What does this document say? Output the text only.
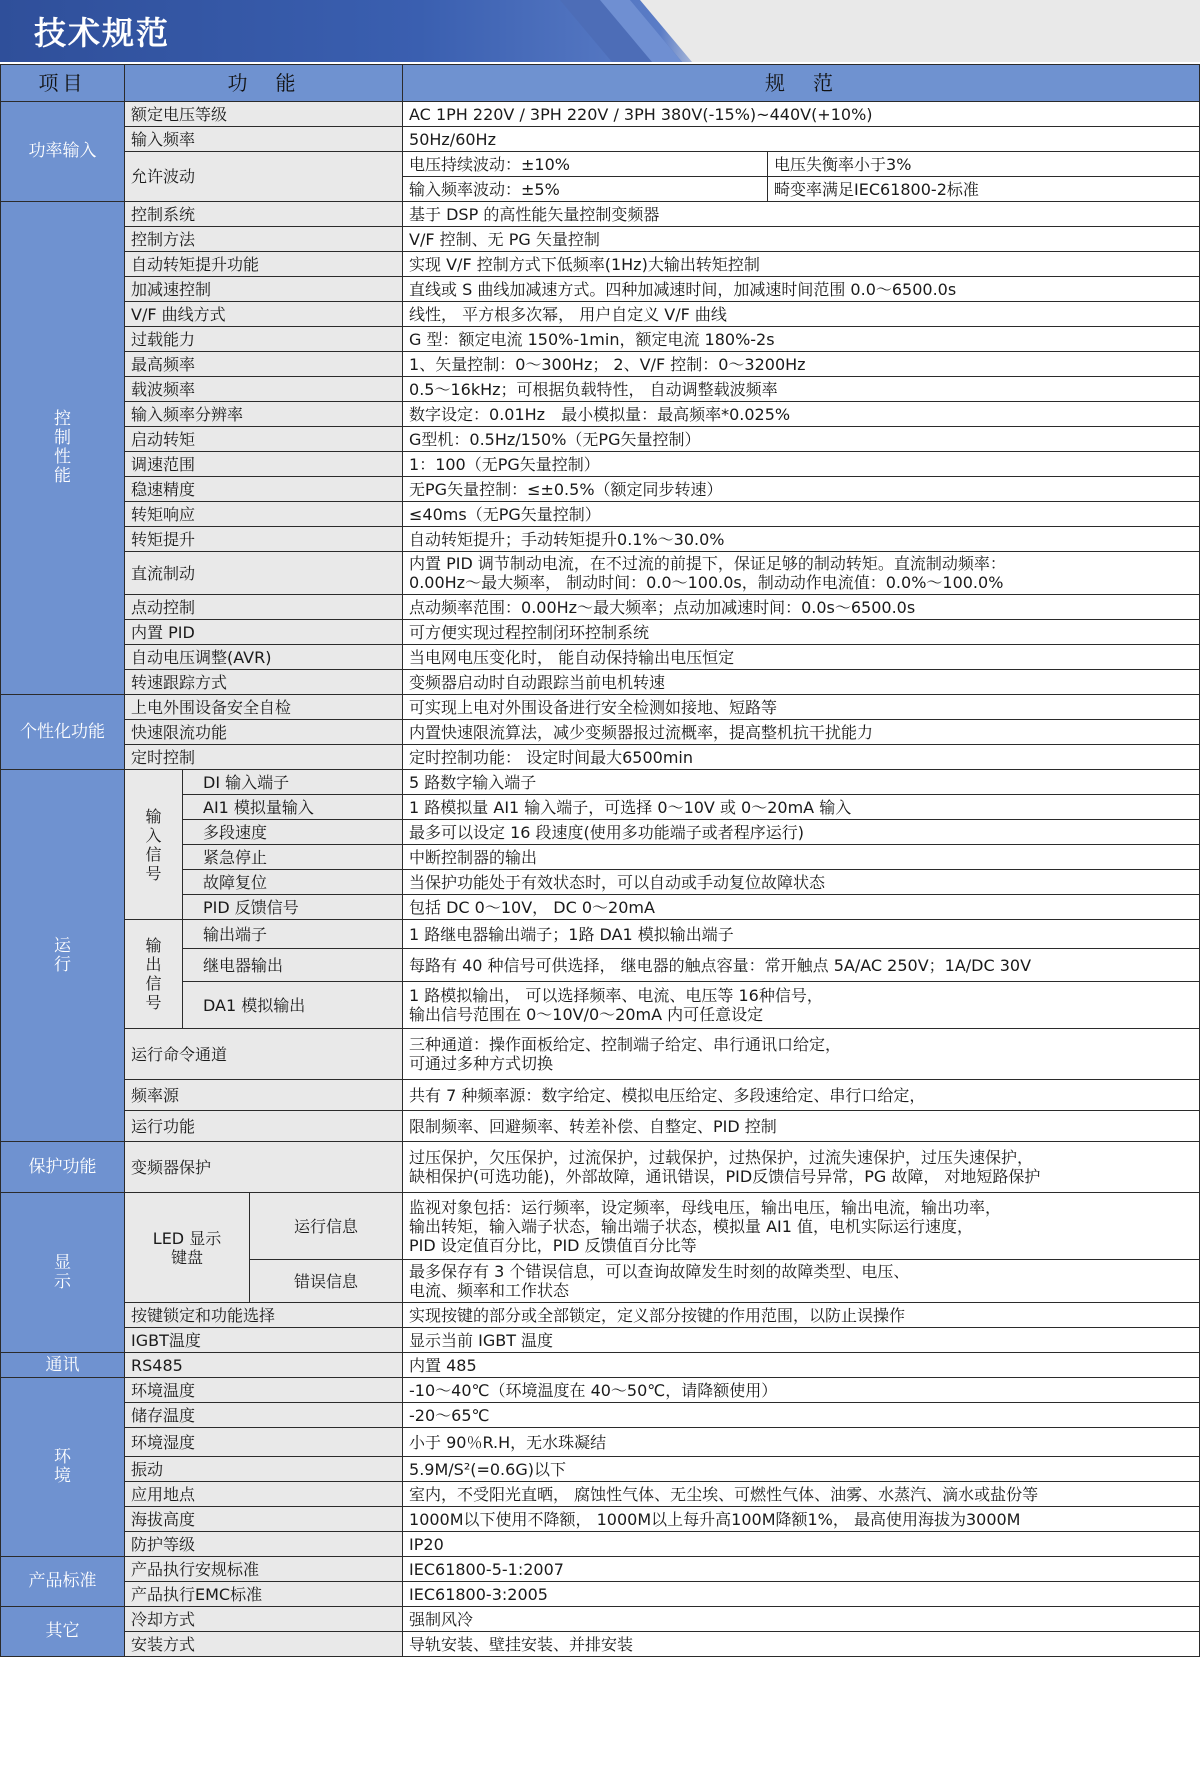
技术规范
项目	功　能			规　范	
功率输入	额定电压等级			AC 1PH 220V / 3PH 220V / 3PH 380V(-15%)~440V(+10%)	
	输入频率			50Hz/60Hz	
	允许波动			电压持续波动：±10%	电压失衡率小于3%
				输入频率波动：±5%	畸变率满足IEC61800-2标准
控
制
性
能	控制系统			基于 DSP 的高性能矢量控制变频器	
	控制方法			V/F 控制、无 PG 矢量控制	
	自动转矩提升功能			实现 V/F 控制方式下低频率(1Hz)大输出转矩控制	
	加减速控制			直线或 S 曲线加减速方式。四种加减速时间，加减速时间范围 0.0～6500.0s	
	V/F 曲线方式			线性， 平方根多次幂， 用户自定义 V/F 曲线	
	过载能力			G 型：额定电流 150%-1min，额定电流 180%-2s	
	最高频率			1、矢量控制：0～300Hz； 2、V/F 控制：0～3200Hz	
	载波频率			0.5～16kHz；可根据负载特性， 自动调整载波频率	
	输入频率分辨率			数字设定：0.01Hz　最小模拟量：最高频率*0.025%	
	启动转矩			G型机：0.5Hz/150%（无PG矢量控制）	
	调速范围			1：100（无PG矢量控制）	
	稳速精度			无PG矢量控制：≤±0.5%（额定同步转速）	
	转矩响应			≤40ms（无PG矢量控制）	
	转矩提升			自动转矩提升；手动转矩提升0.1%～30.0%	
	直流制动			内置 PID 调节制动电流，在不过流的前提下，保证足够的制动转矩。直流制动频率：
0.00Hz～最大频率， 制动时间：0.0～100.0s，制动动作电流值：0.0%～100.0%	
	点动控制			点动频率范围：0.00Hz～最大频率；点动加减速时间：0.0s～6500.0s	
	内置 PID			可方便实现过程控制闭环控制系统	
	自动电压调整(AVR)			当电网电压变化时， 能自动保持输出电压恒定	
	转速跟踪方式			变频器启动时自动跟踪当前电机转速	
个性化功能	上电外围设备安全自检			可实现上电对外围设备进行安全检测如接地、短路等	
	快速限流功能			内置快速限流算法，减少变频器报过流概率，提高整机抗干扰能力	
	定时控制			定时控制功能： 设定时间最大6500min	
运
行	输
入
信
号	DI 输入端子		5 路数字输入端子	
		AI1 模拟量输入		1 路模拟量 AI1 输入端子，可选择 0～10V 或 0～20mA 输入	
		多段速度		最多可以设定 16 段速度(使用多功能端子或者程序运行)	
		紧急停止		中断控制器的输出	
		故障复位		当保护功能处于有效状态时，可以自动或手动复位故障状态	
		PID 反馈信号		包括 DC 0～10V， DC 0～20mA	
	输
出
信
号	输出端子		1 路继电器输出端子；1路 DA1 模拟输出端子	
		继电器输出		每路有 40 种信号可供选择， 继电器的触点容量：常开触点 5A/AC 250V；1A/DC 30V	
		DA1 模拟输出		1 路模拟输出， 可以选择频率、电流、电压等 16种信号，
输出信号范围在 0～10V/0～20mA 内可任意设定	
	运行命令通道			三种通道：操作面板给定、控制端子给定、串行通讯口给定，
可通过多种方式切换	
	频率源			共有 7 种频率源：数字给定、模拟电压给定、多段速给定、串行口给定，	
	运行功能			限制频率、回避频率、转差补偿、自整定、PID 控制	
保护功能	变频器保护			过压保护，欠压保护，过流保护，过载保护，过热保护，过流失速保护，过压失速保护，
缺相保护(可选功能)，外部故障，通讯错误，PID反馈信号异常，PG 故障， 对地短路保护	
显
示	LED 显示
键盘		运行信息	监视对象包括：运行频率，设定频率，母线电压，输出电压，输出电流，输出功率，
输出转矩，输入端子状态，输出端子状态，模拟量 AI1 值，电机实际运行速度，
PID 设定值百分比，PID 反馈值百分比等	
			错误信息	最多保存有 3 个错误信息，可以查询故障发生时刻的故障类型、电压、
电流、频率和工作状态	
	按键锁定和功能选择			实现按键的部分或全部锁定，定义部分按键的作用范围，以防止误操作	
	IGBT温度			显示当前 IGBT 温度	
通讯	RS485			内置 485	
环
境	环境温度			-10～40℃（环境温度在 40～50℃，请降额使用）	
	储存温度			-20～65℃	
	环境湿度			小于 90％R.H，无水珠凝结	
	振动			5.9M/S²(=0.6G)以下	
	应用地点			室内，不受阳光直晒， 腐蚀性气体、无尘埃、可燃性气体、油雾、水蒸汽、滴水或盐份等	
	海拔高度			1000M以下使用不降额， 1000M以上每升高100M降额1%， 最高使用海拔为3000M	
	防护等级			IP20	
产品标准	产品执行安规标准			IEC61800-5-1:2007	
	产品执行EMC标准			IEC61800-3:2005	
其它	冷却方式			强制风冷	
	安装方式			导轨安装、壁挂安装、并排安装	
